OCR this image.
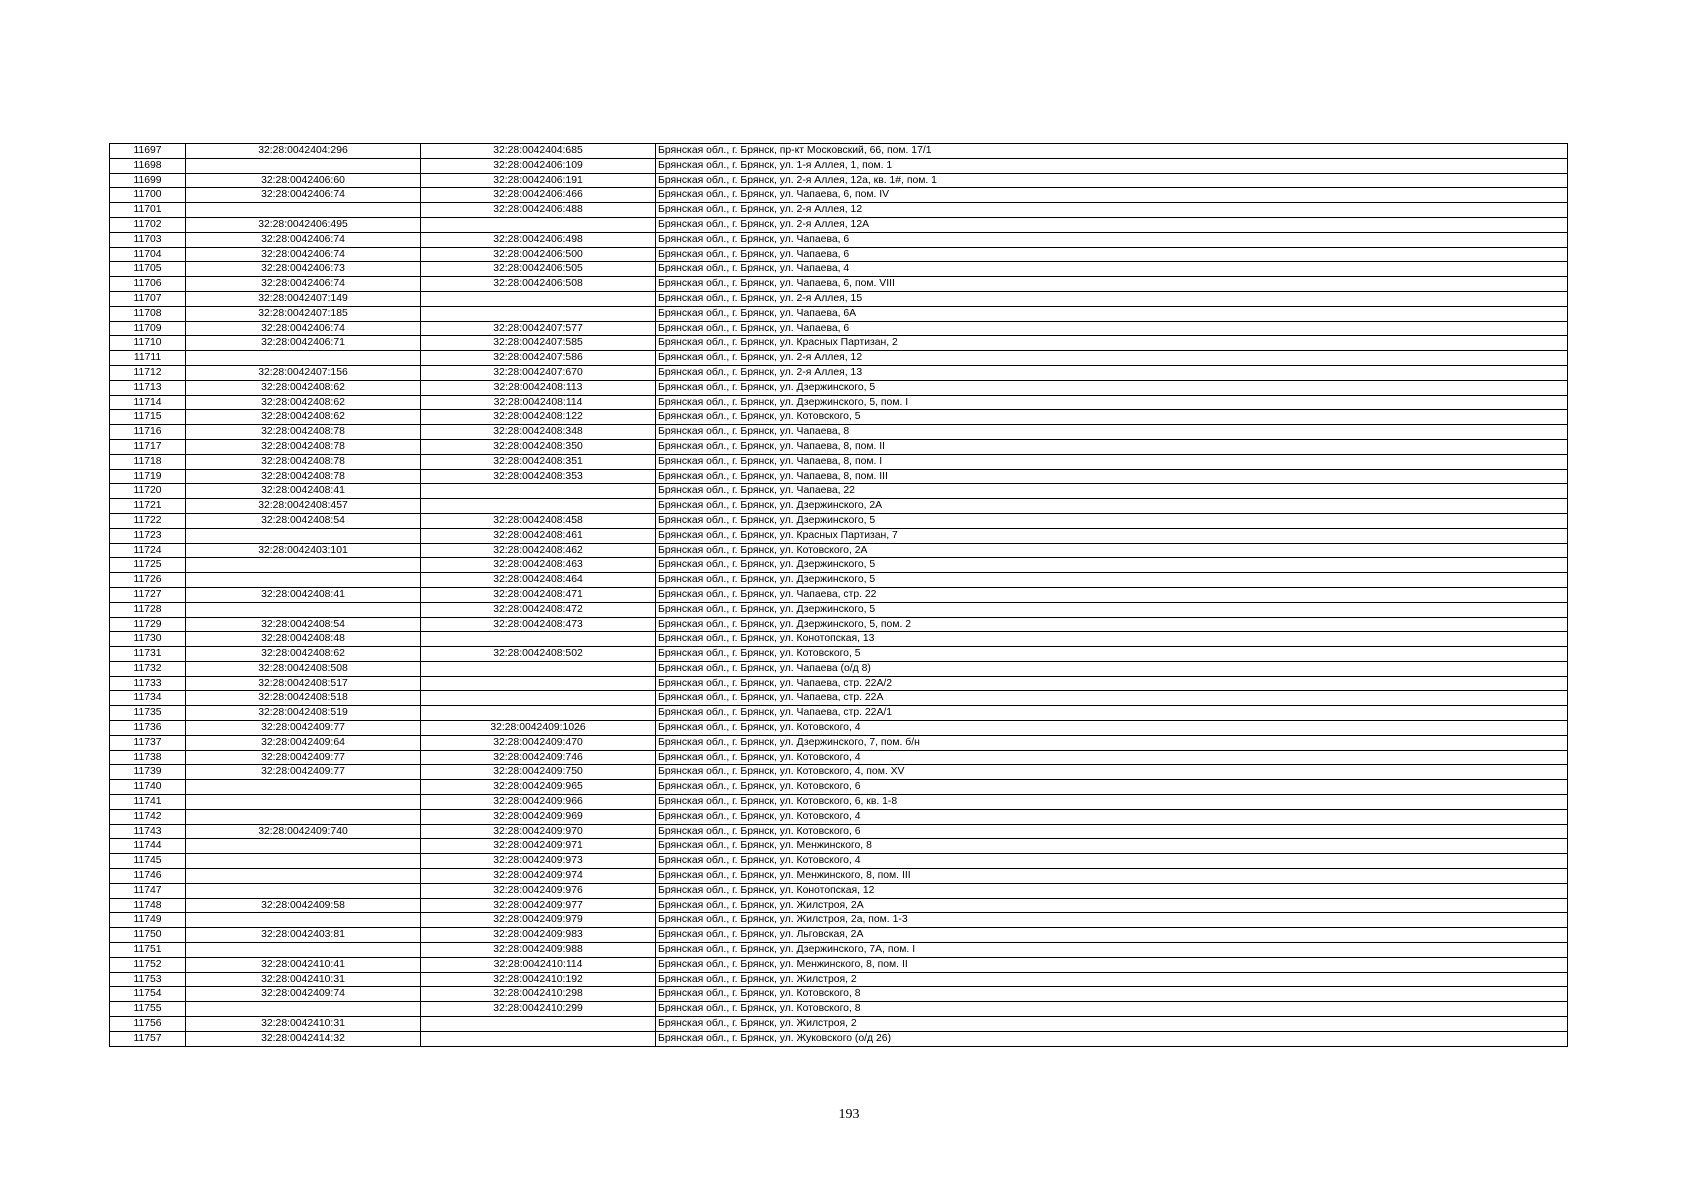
11697	32:28:0042404:296	32:28:0042404:685	Брянская обл., г. Брянск, пр-кт Московский, 66, пом. 17/1
11698		32:28:0042406:109	Брянская обл., г. Брянск, ул. 1-я Аллея, 1, пом. 1
11699	32:28:0042406:60	32:28:0042406:191	Брянская обл., г. Брянск, ул. 2-я Аллея, 12а, кв. 1#, пом. 1
11700	32:28:0042406:74	32:28:0042406:466	Брянская обл., г. Брянск, ул. Чапаева, 6, пом. IV
11701		32:28:0042406:488	Брянская обл., г. Брянск, ул. 2-я Аллея, 12
11702	32:28:0042406:495		Брянская обл., г. Брянск, ул. 2-я Аллея, 12А
11703	32:28:0042406:74	32:28:0042406:498	Брянская обл., г. Брянск, ул. Чапаева, 6
11704	32:28:0042406:74	32:28:0042406:500	Брянская обл., г. Брянск, ул. Чапаева, 6
11705	32:28:0042406:73	32:28:0042406:505	Брянская обл., г. Брянск, ул. Чапаева, 4
11706	32:28:0042406:74	32:28:0042406:508	Брянская обл., г. Брянск, ул. Чапаева, 6, пом. VIII
11707	32:28:0042407:149		Брянская обл., г. Брянск, ул. 2-я Аллея, 15
11708	32:28:0042407:185		Брянская обл., г. Брянск, ул. Чапаева, 6А
11709	32:28:0042406:74	32:28:0042407:577	Брянская обл., г. Брянск, ул. Чапаева, 6
11710	32:28:0042406:71	32:28:0042407:585	Брянская обл., г. Брянск, ул. Красных Партизан, 2
11711		32:28:0042407:586	Брянская обл., г. Брянск, ул. 2-я Аллея, 12
11712	32:28:0042407:156	32:28:0042407:670	Брянская обл., г. Брянск, ул. 2-я Аллея, 13
11713	32:28:0042408:62	32:28:0042408:113	Брянская обл., г. Брянск, ул. Дзержинского, 5
11714	32:28:0042408:62	32:28:0042408:114	Брянская обл., г. Брянск, ул. Дзержинского, 5, пом. I
11715	32:28:0042408:62	32:28:0042408:122	Брянская обл., г. Брянск, ул. Котовского, 5
11716	32:28:0042408:78	32:28:0042408:348	Брянская обл., г. Брянск, ул. Чапаева, 8
11717	32:28:0042408:78	32:28:0042408:350	Брянская обл., г. Брянск, ул. Чапаева, 8, пом. II
11718	32:28:0042408:78	32:28:0042408:351	Брянская обл., г. Брянск, ул. Чапаева, 8, пом. I
11719	32:28:0042408:78	32:28:0042408:353	Брянская обл., г. Брянск, ул. Чапаева, 8, пом. III
11720	32:28:0042408:41		Брянская обл., г. Брянск, ул. Чапаева, 22
11721	32:28:0042408:457		Брянская обл., г. Брянск, ул. Дзержинского, 2А
11722	32:28:0042408:54	32:28:0042408:458	Брянская обл., г. Брянск, ул. Дзержинского, 5
11723		32:28:0042408:461	Брянская обл., г. Брянск, ул. Красных Партизан, 7
11724	32:28:0042403:101	32:28:0042408:462	Брянская обл., г. Брянск, ул. Котовского, 2А
11725		32:28:0042408:463	Брянская обл., г. Брянск, ул. Дзержинского, 5
11726		32:28:0042408:464	Брянская обл., г. Брянск, ул. Дзержинского, 5
11727	32:28:0042408:41	32:28:0042408:471	Брянская обл., г. Брянск, ул. Чапаева, стр. 22
11728		32:28:0042408:472	Брянская обл., г. Брянск, ул. Дзержинского, 5
11729	32:28:0042408:54	32:28:0042408:473	Брянская обл., г. Брянск, ул. Дзержинского, 5, пом. 2
11730	32:28:0042408:48		Брянская обл., г. Брянск, ул. Конотопская, 13
11731	32:28:0042408:62	32:28:0042408:502	Брянская обл., г. Брянск, ул. Котовского, 5
11732	32:28:0042408:508		Брянская обл., г. Брянск, ул. Чапаева (о/д 8)
11733	32:28:0042408:517		Брянская обл., г. Брянск, ул. Чапаева, стр. 22А/2
11734	32:28:0042408:518		Брянская обл., г. Брянск, ул. Чапаева, стр. 22А
11735	32:28:0042408:519		Брянская обл., г. Брянск, ул. Чапаева, стр. 22А/1
11736	32:28:0042409:77	32:28:0042409:1026	Брянская обл., г. Брянск, ул. Котовского, 4
11737	32:28:0042409:64	32:28:0042409:470	Брянская обл., г. Брянск, ул. Дзержинского, 7, пом. б/н
11738	32:28:0042409:77	32:28:0042409:746	Брянская обл., г. Брянск, ул. Котовского, 4
11739	32:28:0042409:77	32:28:0042409:750	Брянская обл., г. Брянск, ул. Котовского, 4, пом. XV
11740		32:28:0042409:965	Брянская обл., г. Брянск, ул. Котовского, 6
11741		32:28:0042409:966	Брянская обл., г. Брянск, ул. Котовского, 6, кв. 1-8
11742		32:28:0042409:969	Брянская обл., г. Брянск, ул. Котовского, 4
11743	32:28:0042409:740	32:28:0042409:970	Брянская обл., г. Брянск, ул. Котовского, 6
11744		32:28:0042409:971	Брянская обл., г. Брянск, ул. Менжинского, 8
11745		32:28:0042409:973	Брянская обл., г. Брянск, ул. Котовского, 4
11746		32:28:0042409:974	Брянская обл., г. Брянск, ул. Менжинского, 8, пом. III
11747		32:28:0042409:976	Брянская обл., г. Брянск, ул. Конотопская, 12
11748	32:28:0042409:58	32:28:0042409:977	Брянская обл., г. Брянск, ул. Жилстроя, 2А
11749		32:28:0042409:979	Брянская обл., г. Брянск, ул. Жилстроя, 2а, пом. 1-3
11750	32:28:0042403:81	32:28:0042409:983	Брянская обл., г. Брянск, ул. Льговская, 2А
11751		32:28:0042409:988	Брянская обл., г. Брянск, ул. Дзержинского, 7А, пом. I
11752	32:28:0042410:41	32:28:0042410:114	Брянская обл., г. Брянск, ул. Менжинского, 8, пом. II
11753	32:28:0042410:31	32:28:0042410:192	Брянская обл., г. Брянск, ул. Жилстроя, 2
11754	32:28:0042409:74	32:28:0042410:298	Брянская обл., г. Брянск, ул. Котовского, 8
11755		32:28:0042410:299	Брянская обл., г. Брянск, ул. Котовского, 8
11756	32:28:0042410:31		Брянская обл., г. Брянск, ул. Жилстроя, 2
11757	32:28:0042414:32		Брянская обл., г. Брянск, ул. Жуковского (о/д 26)
193
